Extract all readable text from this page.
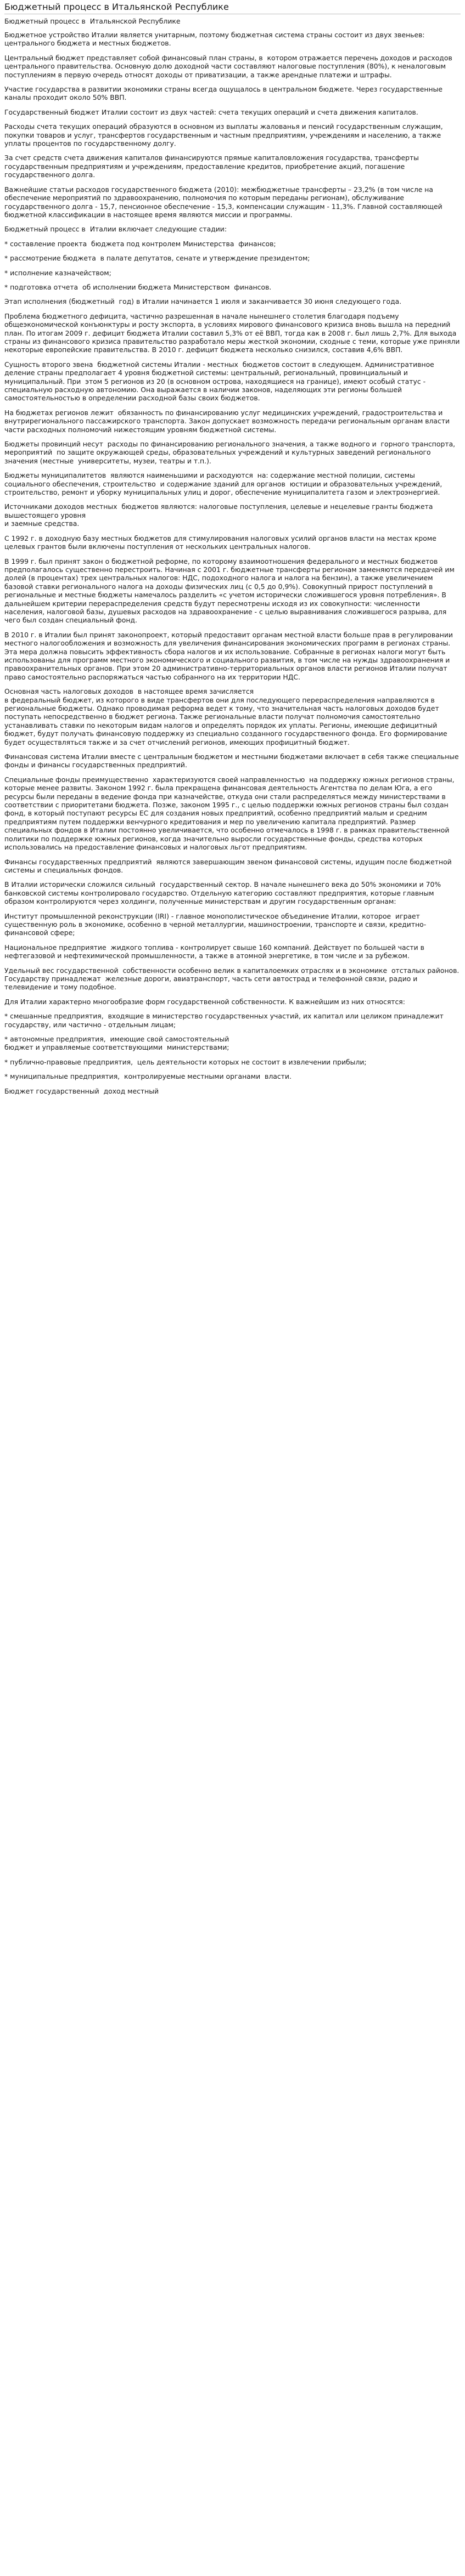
Бюджетный процесс в Итальянской Республике
Бюджетный процесс в  Итальянской Республике

Бюджетное устройство Италии является унитарным, поэтому бюджетная система страны состоит из двух звеньев: центрального бюджета и местных бюджетов.

Центральный бюджет представляет собой финансовый план страны, в  котором отражается перечень доходов и расходов центрального правительства. Основную долю доходной части составляют налоговые поступления (80%), к неналоговым поступлениям в первую очередь относят доходы от приватизации, а также арендные платежи и штрафы.

Участие государства в развитии экономики страны всегда ощущалось в центральном бюджете. Через государственные каналы проходит около 50% ВВП.

Государственный бюджет Италии состоит из двух частей: счета текущих операций и счета движения капиталов.

Расходы счета текущих операций образуются в основном из выплаты жалованья и пенсий государственным служащим, покупки товаров и услуг, трансфертов государственным и частным предприятиям, учреждениям и населению, а также уплаты процентов по государственному долгу.

За счет средств счета движения капиталов финансируются прямые капиталовложения государства, трансферты государственным предприятиям и учреждениям, предоставление кредитов, приобретение акций, погашение государственного долга.

Важнейшие статьи расходов государственного бюджета (2010): межбюджетные трансферты – 23,2% (в том числе на обеспечение мероприятий по здравоохранению, полномочия по которым переданы регионам), обслуживание государственного долга - 15,7, пенсионное обеспечение - 15,3, компенсации служащим - 11,3%. Главной составляющей бюджетной классификации в настоящее время являются миссии и программы.

Бюджетный процесс в  Италии включает следующие стадии:

* составление проекта  бюджета под контролем Министерства  финансов;

* рассмотрение бюджета  в палате депутатов, сенате и утверждение президентом;

* исполнение казначейством;

* подготовка отчета  об исполнении бюджета Министерством  финансов.

Этап исполнения (бюджетный  год) в Италии начинается 1 июля и заканчивается 30 июня следующего года.

Проблема бюджетного дефицита, частично разрешенная в начале нынешнего столетия благодаря подъему общеэкономической конъюнктуры и росту экспорта, в условиях мирового финансового кризиса вновь вышла на передний план. По итогам 2009 г. дефицит бюджета Италии составил 5,3% от её ВВП, тогда как в 2008 г. был лишь 2,7%. Для выхода страны из финансового кризиса правительство разработало меры жесткой экономии, сходные с теми, которые уже приняли некоторые европейские правительства. В 2010 г. дефицит бюджета несколько снизился, составив 4,6% ВВП.

Сущность второго звена  бюджетной системы Италии - местных  бюджетов состоит в следующем. Административное деление страны предполагает 4 уровня бюджетной системы: центральный, региональный, провинциальный и муниципальный. При  этом 5 регионов из 20 (в основном острова, находящиеся на границе), имеют особый статус - специальную расходную автономию. Она выражается в наличии законов, наделяющих эти регионы большей самостоятельностью в определении расходной базы своих бюджетов.

На бюджетах регионов лежит  обязанность по финансированию услуг медицинских учреждений, градостроительства и внутрирегионального пассажирского транспорта. Закон допускает возможность передачи региональным органам власти части расходных полномочий нижестоящим уровням бюджетной системы.

Бюджеты провинций несут  расходы по финансированию регионального значения, а также водного и  горного транспорта, мероприятий  по защите окружающей среды, образовательных учреждений и культурных заведений регионального значения (местные  университеты, музеи, театры и т.п.).

Бюджеты муниципалитетов  являются наименьшими и расходуются  на: содержание местной полиции, системы  социального обеспечения, строительство  и содержание зданий для органов  юстиции и образовательных учреждений, строительство, ремонт и уборку муниципальных улиц и дорог, обеспечение муниципалитета газом и электроэнергией.

Источниками доходов местных  бюджетов являются: налоговые поступления, целевые и нецелевые гранты бюджета  вышестоящего уровня
и заемные средства.

С 1992 г. в доходную базу местных бюджетов для стимулирования налоговых усилий органов власти на местах кроме целевых грантов были включены поступления от нескольких центральных налогов.

В 1999 г. был принят закон о бюджетной реформе, по которому взаимоотношения федерального и местных бюджетов предполагалось существенно перестроить. Начиная с 2001 г. бюджетные трансферты регионам заменяются передачей им долей (в процентах) трех центральных налогов: НДС, подоходного налога и налога на бензин), а также увеличением базовой ставки регионального налога на доходы физических лиц (с 0,5 до 0,9%). Совокупный прирост поступлений в региональные и местные бюджеты намечалось разделить «с учетом исторически сложившегося уровня потребления». В дальнейшем критерии перераспределения средств будут пересмотрены исходя из их совокупности: численности населения, налоговой базы, душевых расходов на здравоохранение - с целью выравнивания сложившегося разрыва, для чего был создан специальный фонд.

В 2010 г. в Италии был принят законопроект, который предоставит органам местной власти больше прав в регулировании местного налогообложения и возможность для увеличения финансирования экономических программ в регионах страны. Эта мера должна повысить эффективность сбора налогов и их использование. Собранные в регионах налоги могут быть использованы для программ местного экономического и социального развития, в том числе на нужды здравоохранения и правоохранительных органов. При этом 20 административно-территориальных органов власти регионов Италии получат право самостоятельно распоряжаться частью собранного на их территории НДС.

Основная часть налоговых доходов  в настоящее время зачисляется
в федеральный бюджет, из которого в виде трансфертов они для последующего перераспределения направляются в региональные бюджеты. Однако проводимая реформа ведет к тому, что значительная часть налоговых доходов будет поступать непосредственно в бюджет региона. Также региональные власти получат полномочия самостоятельно устанавливать ставки по некоторым видам налогов и определять порядок их уплаты. Регионы, имеющие дефицитный бюджет, будут получать финансовую поддержку из специально созданного государственного фонда. Его формирование будет осуществляться также и за счет отчислений регионов, имеющих профицитный бюджет.

Финансовая система Италии вместе с центральным бюджетом и местными бюджетами включает в себя также специальные фонды и финансы государственных предприятий.

Специальные фонды преимущественно  характеризуются своей направленностью  на поддержку южных регионов страны,
которые менее развиты. Законом 1992 г. была прекращена финансовая деятельность Агентства по делам Юга, а его ресурсы были переданы в ведение фонда при казначействе, откуда они стали распределяться между министерствами в соответствии с приоритетами бюджета. Позже, законом 1995 г., с целью поддержки южных регионов страны был создан фонд, в который поступают ресурсы ЕС для создания новых предприятий, особенно предприятий малым и средним предприятиям путем поддержки венчурного кредитования и мер по увеличению капитала предприятий. Размер специальных фондов в Италии постоянно увеличивается, что особенно отмечалось в 1998 г. в рамках правительственной политики по поддержке южных регионов, когда значительно выросли государственные фонды, средства которых использовались на предоставление финансовых и налоговых льгот предприятиям.

Финансы государственных предприятий  являются завершающим звеном финансовой системы, идущим после бюджетной системы и специальных фондов.

В Италии исторически сложился сильный  государственный сектор. В начале нынешнего века до 50% экономики и 70% банковской системы контролировало государство. Отдельную категорию составляют предприятия, которые главным образом контролируются через холдинги, полученные министерствам и другим государственным органам:

Институт промышленной реконструкции (IRI) - главное монополистическое объединение Италии, которое  играет существенную роль в экономике, особенно в черной металлургии, машиностроении, транспорте и связи, кредитно-финансовой сфере;

Национальное предприятие  жидкого топлива - контролирует свыше 160 компаний. Действует по большей части в нефтегазовой и нефтехимической промышленности, а также в атомной энергетике, в том числе и за рубежом.

Удельный вес государственной  собственности особенно велик в капиталоемких отраслях и в экономике  отсталых районов.
Государству принадлежат  железные дороги, авиатранспорт, часть сети автострад и телефонной связи, радио и телевидение и тому подобное.

Для Италии характерно многообразие форм государственной собственности. К важнейшим из них относятся:

* смешанные предприятия,  входящие в министерство государственных участий, их капитал или целиком принадлежит государству, или частично - отдельным лицам;

* автономные предприятия,  имеющие свой самостоятельный
бюджет и управляемые соответствующими  министерствами;

* публично-правовые предприятия,  цель деятельности которых не состоит в извлечении прибыли;

* муниципальные предприятия,  контролируемые местными органами  власти.

Бюджет государственный  доход местный
